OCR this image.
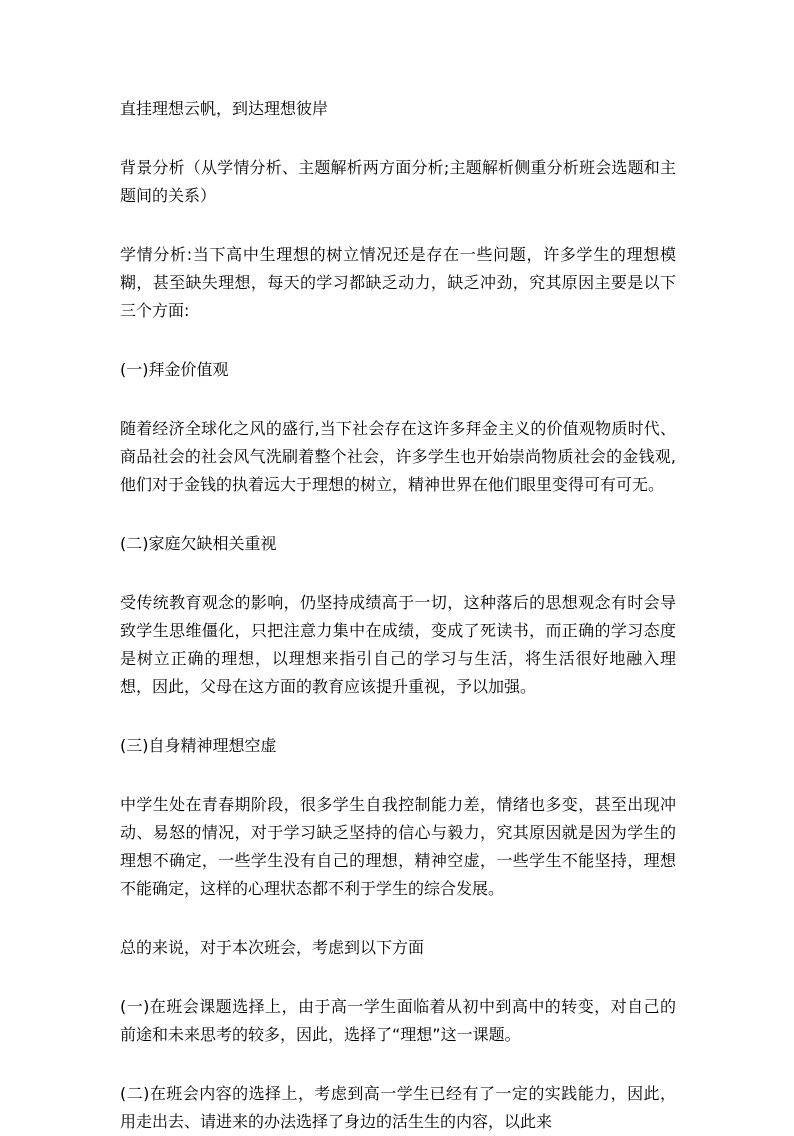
直挂理想云帆，到达理想彼岸

背景分析（从学情分析、主题解析两方面分析;主题解析侧重分析班会选题和主题间的关系）

学情分析:当下高中生理想的树立情况还是存在一些问题，许多学生的理想模糊，甚至缺失理想，每天的学习都缺乏动力，缺乏冲劲，究其原因主要是以下三个方面:

(一)拜金价值观

随着经济全球化之风的盛行,当下社会存在这许多拜金主义的价值观物质时代、商品社会的社会风气洗刷着整个社会，许多学生也开始崇尚物质社会的金钱观,他们对于金钱的执着远大于理想的树立，精神世界在他们眼里变得可有可无。

(二)家庭欠缺相关重视

受传统教育观念的影响，仍坚持成绩高于一切，这种落后的思想观念有时会导致学生思维僵化，只把注意力集中在成绩，变成了死读书，而正确的学习态度是树立正确的理想，以理想来指引自己的学习与生活，将生活很好地融入理想，因此，父母在这方面的教育应该提升重视，予以加强。

(三)自身精神理想空虚

中学生处在青春期阶段，很多学生自我控制能力差，情绪也多变，甚至出现冲动、易怒的情况，对于学习缺乏坚持的信心与毅力，究其原因就是因为学生的理想不确定，一些学生没有自己的理想，精神空虚，一些学生不能坚持，理想不能确定，这样的心理状态都不利于学生的综合发展。

总的来说，对于本次班会，考虑到以下方面

(一)在班会课题选择上，由于高一学生面临着从初中到高中的转变，对自己的前途和未来思考的较多，因此，选择了“理想”这一课题。

(二)在班会内容的选择上，考虑到高一学生已经有了一定的实践能力，因此，用走出去、请进来的办法选择了身边的活生生的内容，以此来
